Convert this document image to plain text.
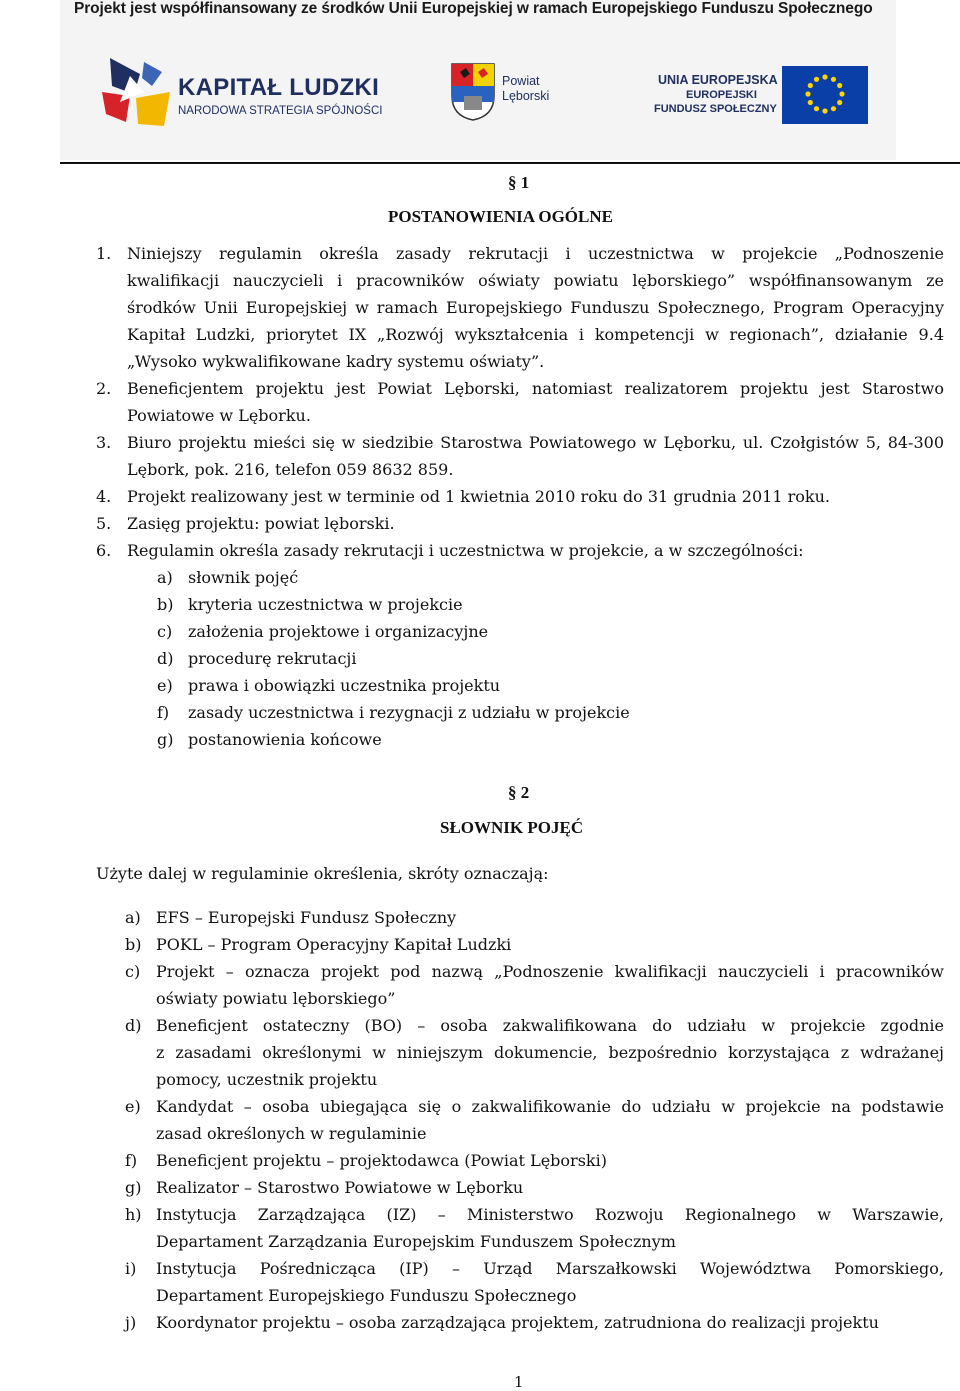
Projekt jest współfinansowany ze środków Unii Europejskiej w ramach Europejskiego Funduszu Społecznego
KAPITAŁ LUDZKI
NARODOWA STRATEGIA SPÓJNOŚCI
Powiat
Lęborski
UNIA EUROPEJSKA
EUROPEJSKI
FUNDUSZ SPOŁECZNY
§ 1
POSTANOWIENIA OGÓLNE
1. Niniejszy regulamin określa zasady rekrutacji i uczestnictwa w projekcie „Podnoszenie
kwalifikacji nauczycieli i pracowników oświaty powiatu lęborskiego” współfinansowanym ze
środków Unii Europejskiej w ramach Europejskiego Funduszu Społecznego, Program Operacyjny
Kapitał Ludzki, priorytet IX „Rozwój wykształcenia i kompetencji w regionach”, działanie 9.4
„Wysoko wykwalifikowane kadry systemu oświaty”.
2. Beneficjentem projektu jest Powiat Lęborski, natomiast realizatorem projektu jest Starostwo
Powiatowe w Lęborku.
3. Biuro projektu mieści się w siedzibie Starostwa Powiatowego w Lęborku, ul. Czołgistów 5, 84-300
Lębork, pok. 216, telefon 059 8632 859.
4. Projekt realizowany jest w terminie od 1 kwietnia 2010 roku do 31 grudnia 2011 roku.
5. Zasięg projektu: powiat lęborski.
6. Regulamin określa zasady rekrutacji i uczestnictwa w projekcie, a w szczególności:
a) słownik pojęć
b) kryteria uczestnictwa w projekcie
c) założenia projektowe i organizacyjne
d) procedurę rekrutacji
e) prawa i obowiązki uczestnika projektu
f) zasady uczestnictwa i rezygnacji z udziału w projekcie
g) postanowienia końcowe
§ 2
SŁOWNIK POJĘĆ
Użyte dalej w regulaminie określenia, skróty oznaczają:
a) EFS – Europejski Fundusz Społeczny
b) POKL – Program Operacyjny Kapitał Ludzki
c) Projekt – oznacza projekt pod nazwą „Podnoszenie kwalifikacji nauczycieli i pracowników
oświaty powiatu lęborskiego”
d) Beneficjent ostateczny (BO) – osoba zakwalifikowana do udziału w projekcie zgodnie
z zasadami określonymi w niniejszym dokumencie, bezpośrednio korzystająca z wdrażanej
pomocy, uczestnik projektu
e) Kandydat – osoba ubiegająca się o zakwalifikowanie do udziału w projekcie na podstawie
zasad określonych w regulaminie
f) Beneficjent projektu – projektodawca (Powiat Lęborski)
g) Realizator – Starostwo Powiatowe w Lęborku
h) Instytucja Zarządzająca (IZ) – Ministerstwo Rozwoju Regionalnego w Warszawie,
Departament Zarządzania Europejskim Funduszem Społecznym
i) Instytucja Pośrednicząca (IP) – Urząd Marszałkowski Województwa Pomorskiego,
Departament Europejskiego Funduszu Społecznego
j) Koordynator projektu – osoba zarządzająca projektem, zatrudniona do realizacji projektu
1
